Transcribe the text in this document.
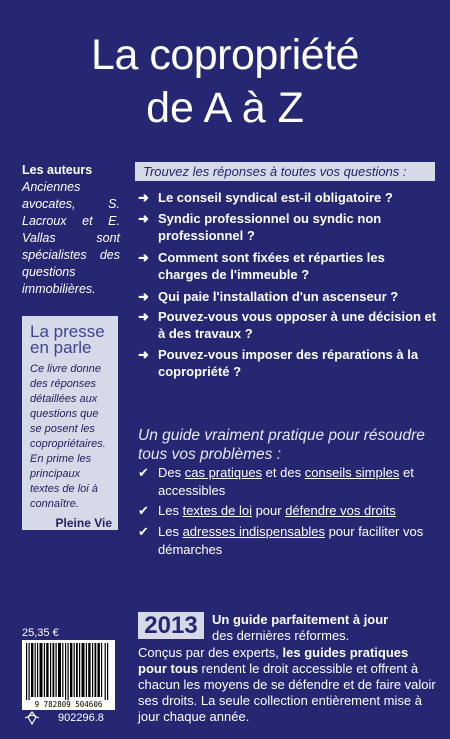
La copropriété
de A à Z
Les auteurs
Anciennes avocates, S. Lacroux et E. Vallas sont spécialistes des questions immobilières.
La presse
en parle
Ce livre donne des réponses détaillées aux questions que se posent les copropriétaires. En prime les principaux textes de loi à connaître.
Pleine Vie
Trouvez les réponses à toutes vos questions :
➜ Le conseil syndical est-il obligatoire ?
➜ Syndic professionnel ou syndic non professionnel ?
➜ Comment sont fixées et réparties les charges de l'immeuble ?
➜ Qui paie l'installation d'un ascenseur ?
➜ Pouvez-vous vous opposer à une décision et à des travaux ?
➜ Pouvez-vous imposer des réparations à la copropriété ?
Un guide vraiment pratique pour résoudre tous vos problèmes :
✔ Des cas pratiques et des conseils simples et accessibles
✔ Les textes de loi pour défendre vos droits
✔ Les adresses indispensables pour faciliter vos démarches
25,35 €
9 782809 504606
902296.8
2013	Un guide parfaitement à jour
des dernières réformes.
Conçus par des experts, les guides pratiques pour tous rendent le droit accessible et offrent à chacun les moyens de se défendre et de faire valoir ses droits. La seule collection entièrement mise à jour chaque année.
